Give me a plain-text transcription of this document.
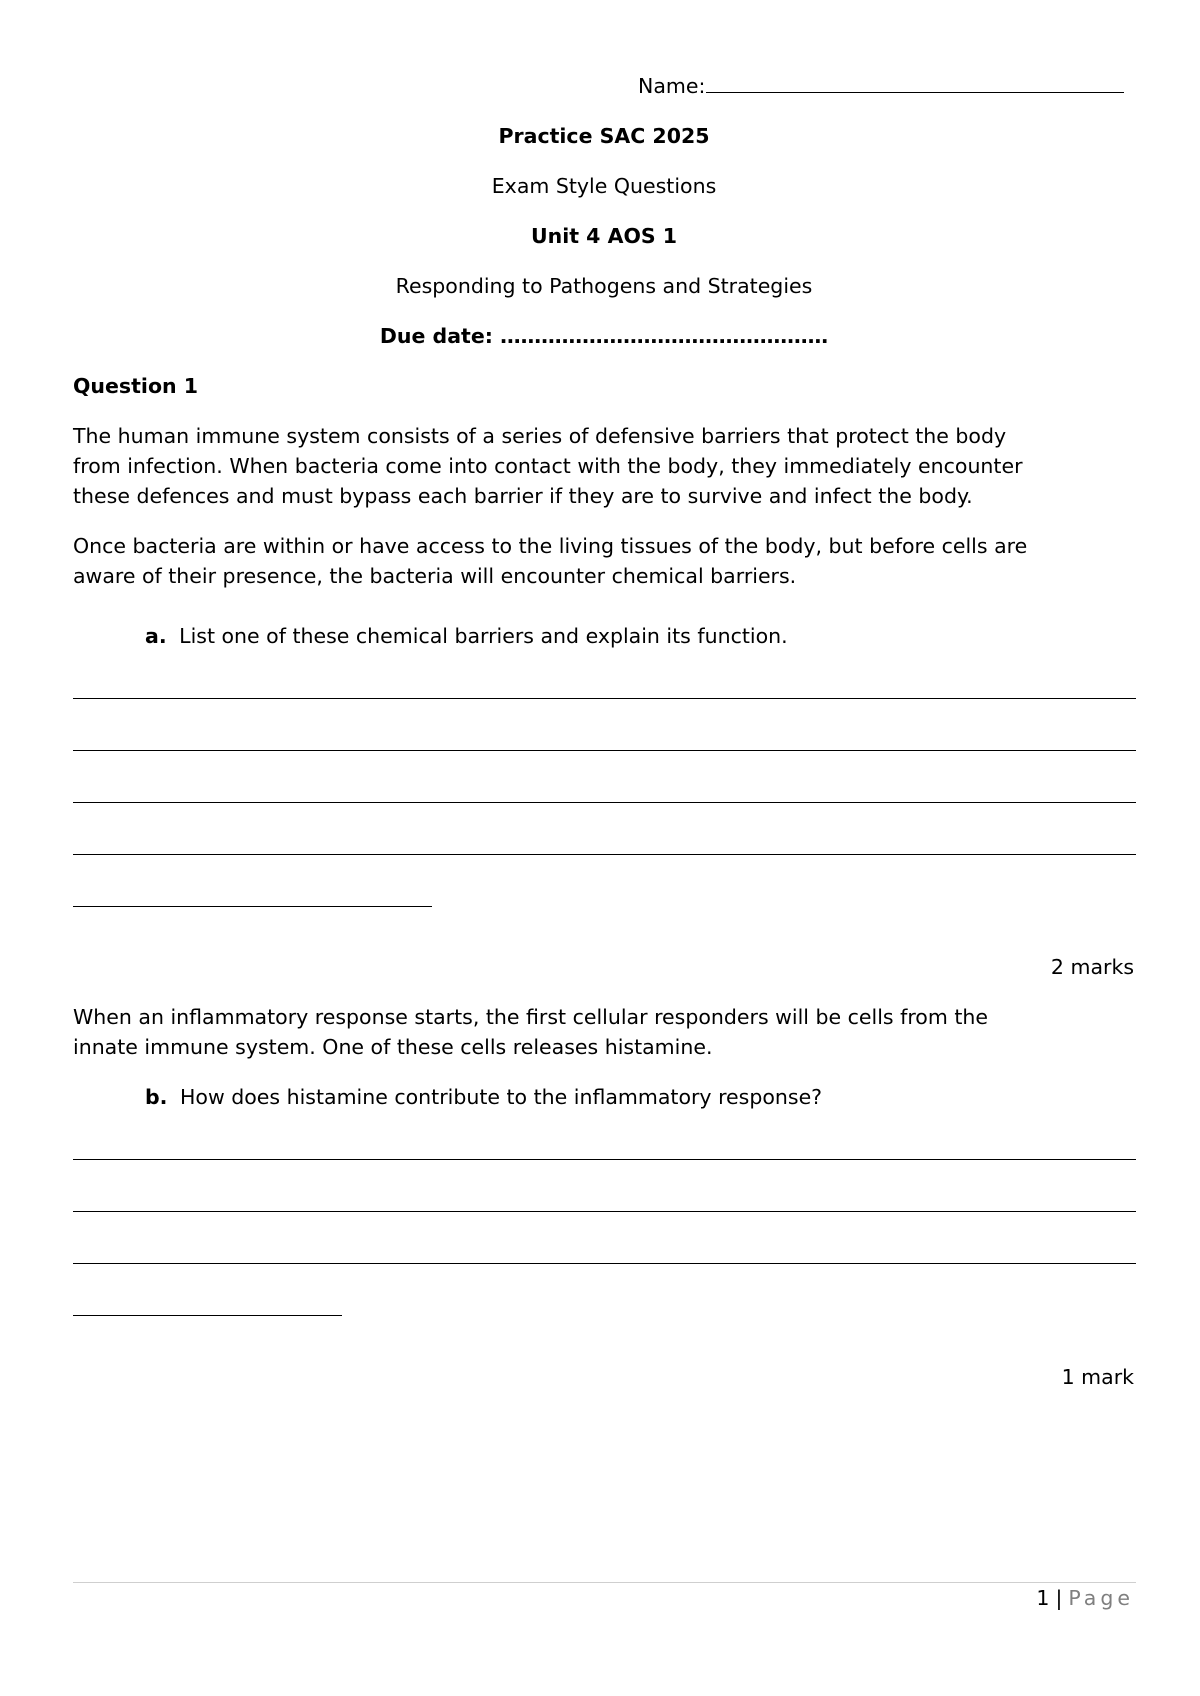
Name:
Practice SAC 2025
Exam Style Questions
Unit 4 AOS 1
Responding to Pathogens and Strategies
Due date: …………………………………………
Question 1
The human immune system consists of a series of defensive barriers that protect the body
from infection. When bacteria come into contact with the body, they immediately encounter
these defences and must bypass each barrier if they are to survive and infect the body.
Once bacteria are within or have access to the living tissues of the body, but before cells are
aware of their presence, the bacteria will encounter chemical barriers.
a. List one of these chemical barriers and explain its function.
2 marks
When an inflammatory response starts, the first cellular responders will be cells from the
innate immune system. One of these cells releases histamine.
b. How does histamine contribute to the inflammatory response?
1 mark
1 | Page
